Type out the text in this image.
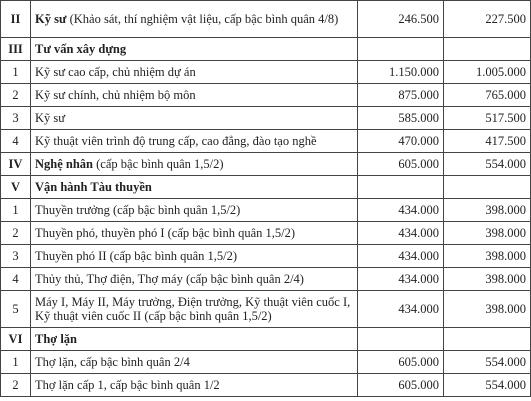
II	Kỹ sư (Khảo sát, thí nghiệm vật liệu, cấp bậc bình quân 4/8)	246.500	227.500
III	Tư vấn xây dựng		
1	Kỹ sư cao cấp, chủ nhiệm dự án	1.150.000	1.005.000
2	Kỹ sư chính, chủ nhiệm bộ môn	875.000	765.000
3	Kỹ sư	585.000	517.500
4	Kỹ thuật viên trình độ trung cấp, cao đẳng, đào tạo nghề	470.000	417.500
IV	Nghệ nhân (cấp bậc bình quân 1,5/2)	605.000	554.000
V	Vận hành Tàu thuyền		
1	Thuyền trưởng (cấp bậc bình quân 1,5/2)	434.000	398.000
2	Thuyền phó, thuyền phó I (cấp bậc bình quân 1,5/2)	434.000	398.000
3	Thuyền phó II (cấp bậc bình quân 1,5/2)	434.000	398.000
4	Thủy thủ, Thợ điện, Thợ máy (cấp bậc bình quân 2/4)	434.000	398.000
5	Máy I, Máy II, Máy trưởng, Điện trưởng, Kỹ thuật viên cuốc I, Kỹ thuật viên cuốc II (cấp bậc bình quân 1,5/2)	434.000	398.000
VI	Thợ lặn		
1	Thợ lặn, cấp bậc bình quân 2/4	605.000	554.000
2	Thợ lặn cấp 1, cấp bậc bình quân 1/2	605.000	554.000
